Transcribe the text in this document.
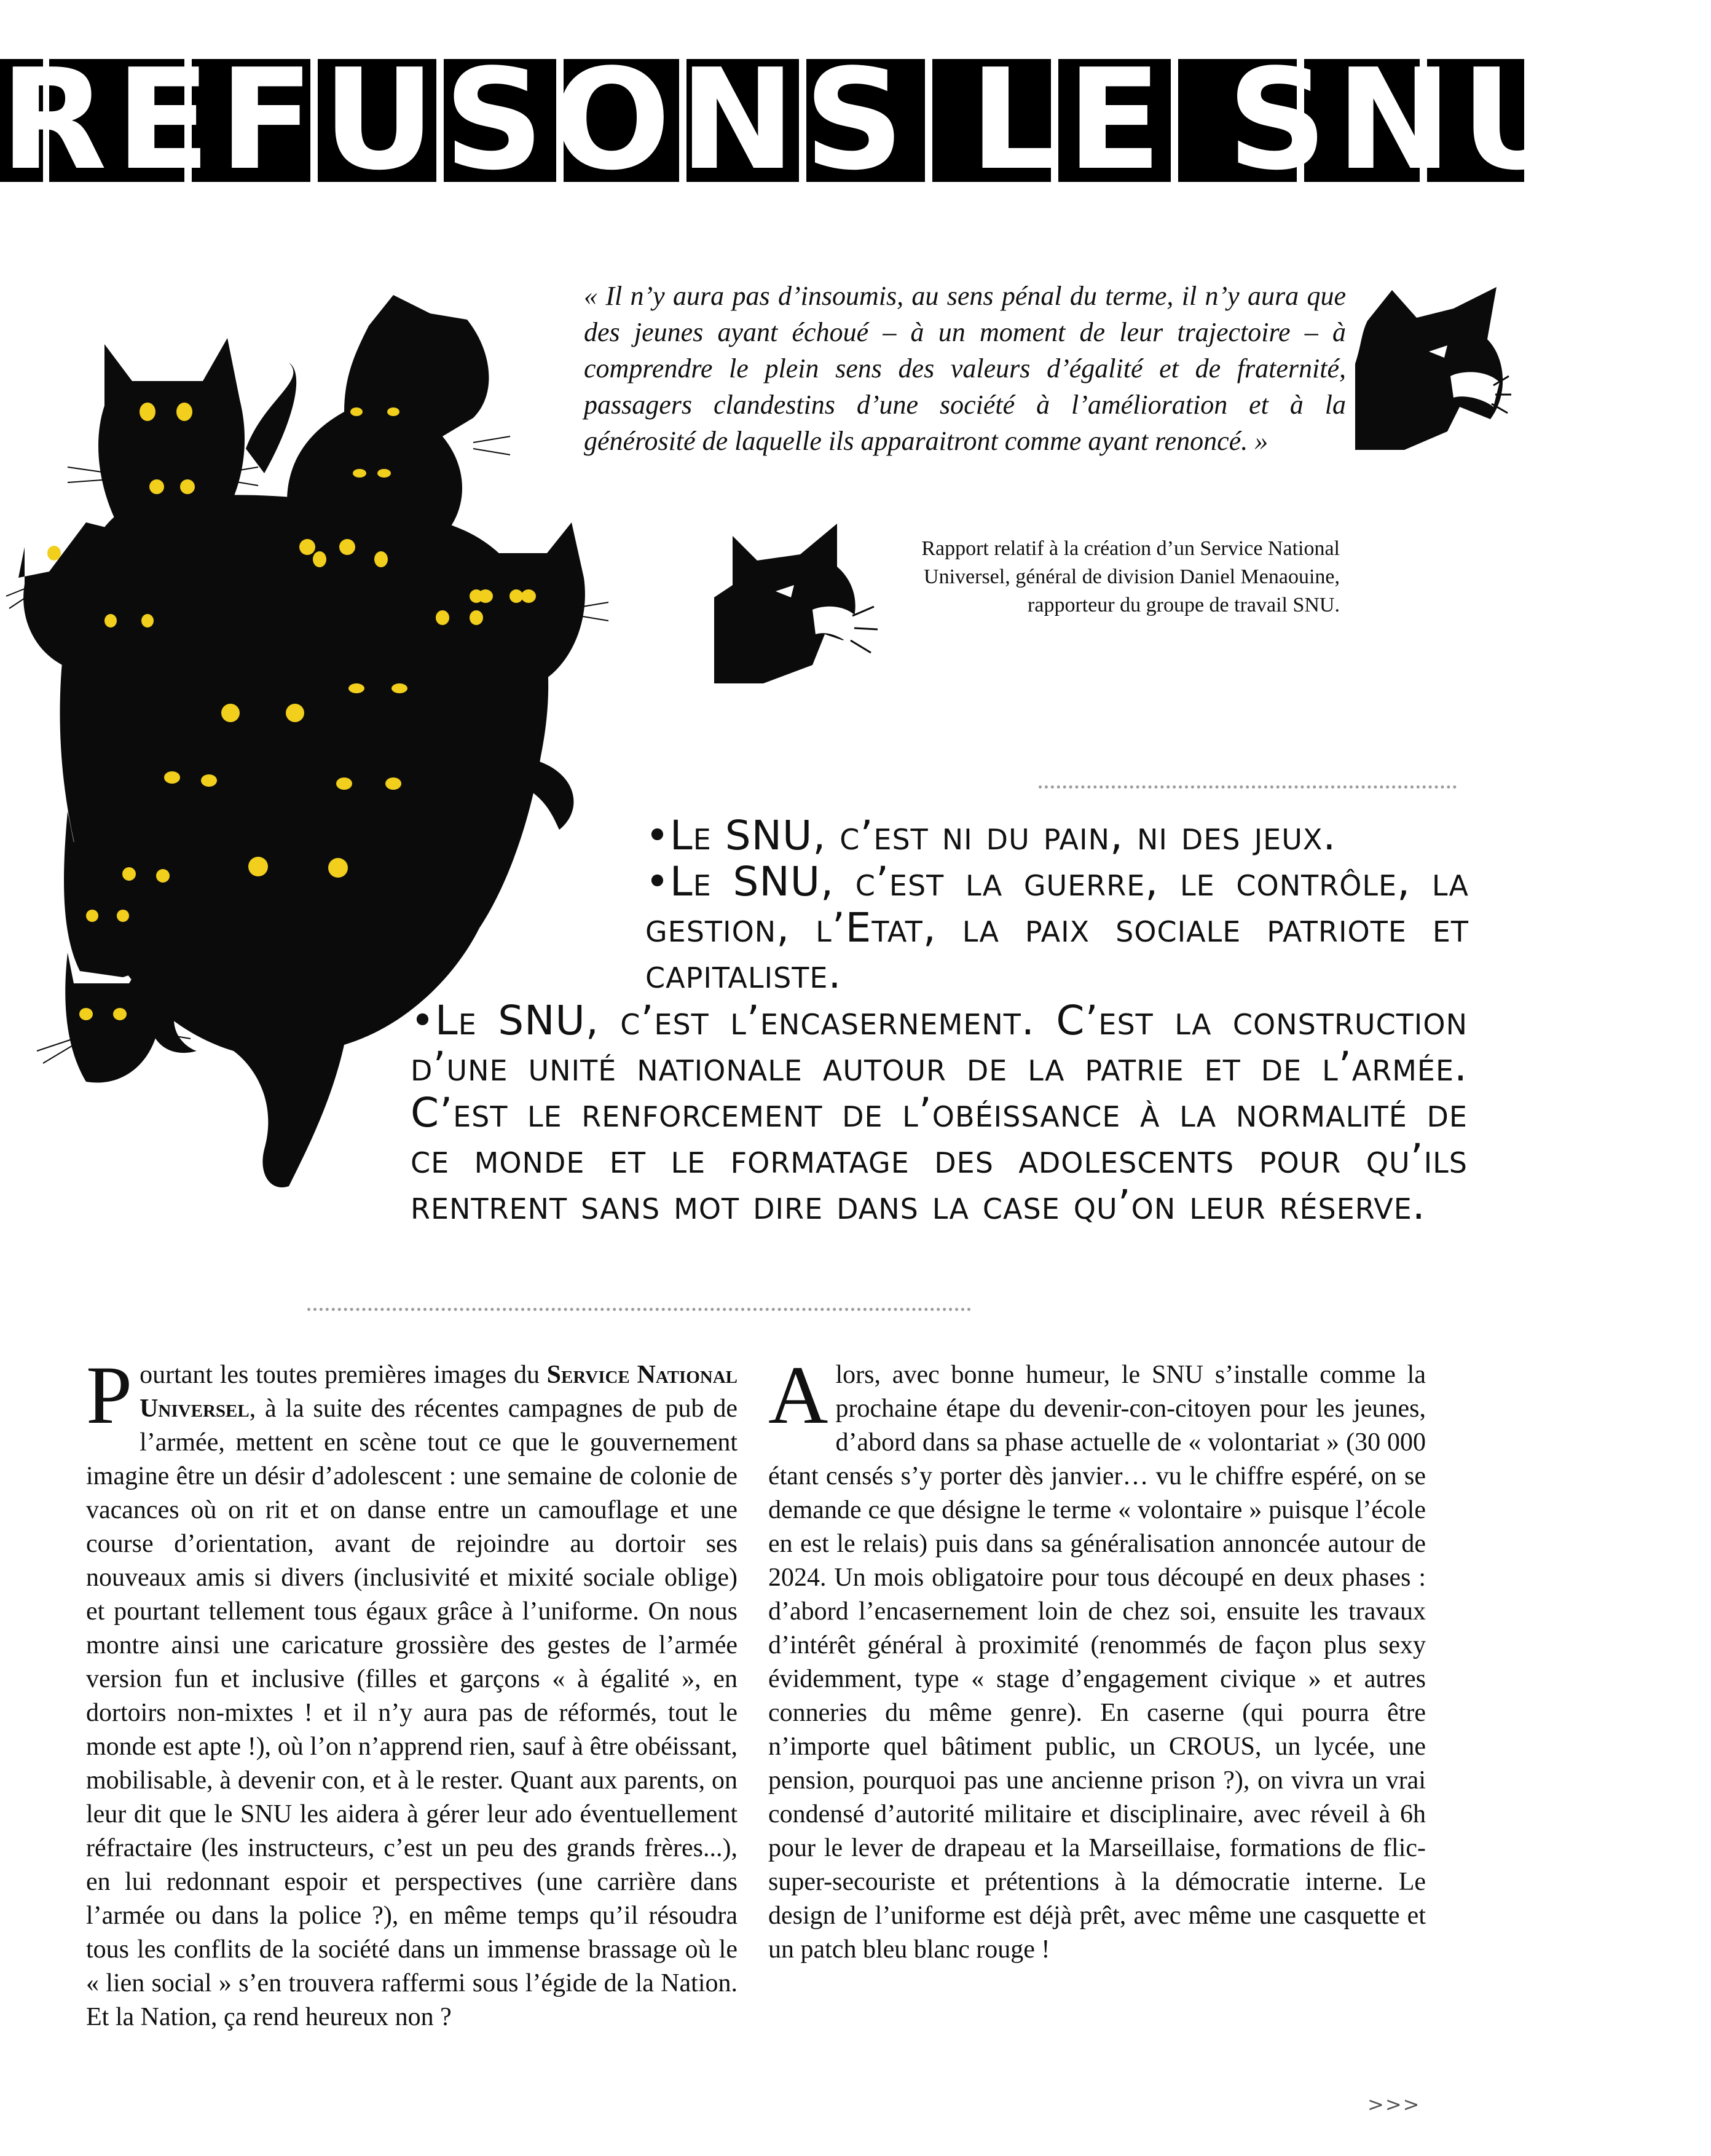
REFUSONS LE SNU !

« Il n’y aura pas d’insoumis, au sens pénal du terme, il n’y aura que des jeunes ayant échoué – à un moment de leur trajectoire – à comprendre le plein sens des valeurs d’égalité et de fraternité, passagers clandestins d’une société à l’amélioration et à la générosité de laquelle ils apparaitront comme ayant renoncé. »

Rapport relatif à la création d’un Service National Universel, général de division Daniel Menaouine, rapporteur du groupe de travail SNU.

•Le SNU, c’est ni du pain, ni des jeux.

•Le SNU, c’est la guerre, le contrôle, la gestion, l’Etat, la paix sociale patriote et capitaliste.

•Le SNU, c’est l’encasernement. C’est la construction d’une unité nationale autour de la patrie et de l’armée. C’est le renforcement de l’obéissance à la normalité de ce monde et le formatage des adolescents pour qu’ils rentrent sans mot dire dans la case qu’on leur réserve.

Pourtant les toutes premières images du Service National Universel, à la suite des récentes campagnes de pub de l’armée, mettent en scène tout ce que le gouvernement imagine être un désir d’adolescent : une semaine de colonie de vacances où on rit et on danse entre un camouflage et une course d’orientation, avant de rejoindre au dortoir ses nouveaux amis si divers (inclusivité et mixité sociale oblige) et pourtant tellement tous égaux grâce à l’uniforme. On nous montre ainsi une caricature grossière des gestes de l’armée version fun et inclusive (filles et garçons « à égalité », en dortoirs non-mixtes ! et il n’y aura pas de réformés, tout le monde est apte !), où l’on n’apprend rien, sauf à être obéissant, mobilisable, à devenir con, et à le rester. Quant aux parents, on leur dit que le SNU les aidera à gérer leur ado éventuellement réfractaire (les instructeurs, c’est un peu des grands frères...), en lui redonnant espoir et perspectives (une carrière dans l’armée ou dans la police ?), en même temps qu’il résoudra tous les conflits de la société dans un immense brassage où le « lien social » s’en trouvera raffermi sous l’égide de la Nation. Et la Nation, ça rend heureux non ?

Alors, avec bonne humeur, le SNU s’installe comme la prochaine étape du devenir-con-citoyen pour les jeunes, d’abord dans sa phase actuelle de « volontariat » (30 000 étant censés s’y porter dès janvier… vu le chiffre espéré, on se demande ce que désigne le terme « volontaire » puisque l’école en est le relais) puis dans sa généralisation annoncée autour de 2024. Un mois obligatoire pour tous découpé en deux phases : d’abord l’encasernement loin de chez soi, ensuite les travaux d’intérêt général à proximité (renommés de façon plus sexy évidemment, type « stage d’engagement civique » et autres conneries du même genre). En caserne (qui pourra être n’importe quel bâtiment public, un CROUS, un lycée, une pension, pourquoi pas une ancienne prison ?), on vivra un vrai condensé d’autorité militaire et disciplinaire, avec réveil à 6h pour le lever de drapeau et la Marseillaise, formations de flic-super-secouriste et prétentions à la démocratie interne. Le design de l’uniforme est déjà prêt, avec même une casquette et un patch bleu blanc rouge !

>>>
